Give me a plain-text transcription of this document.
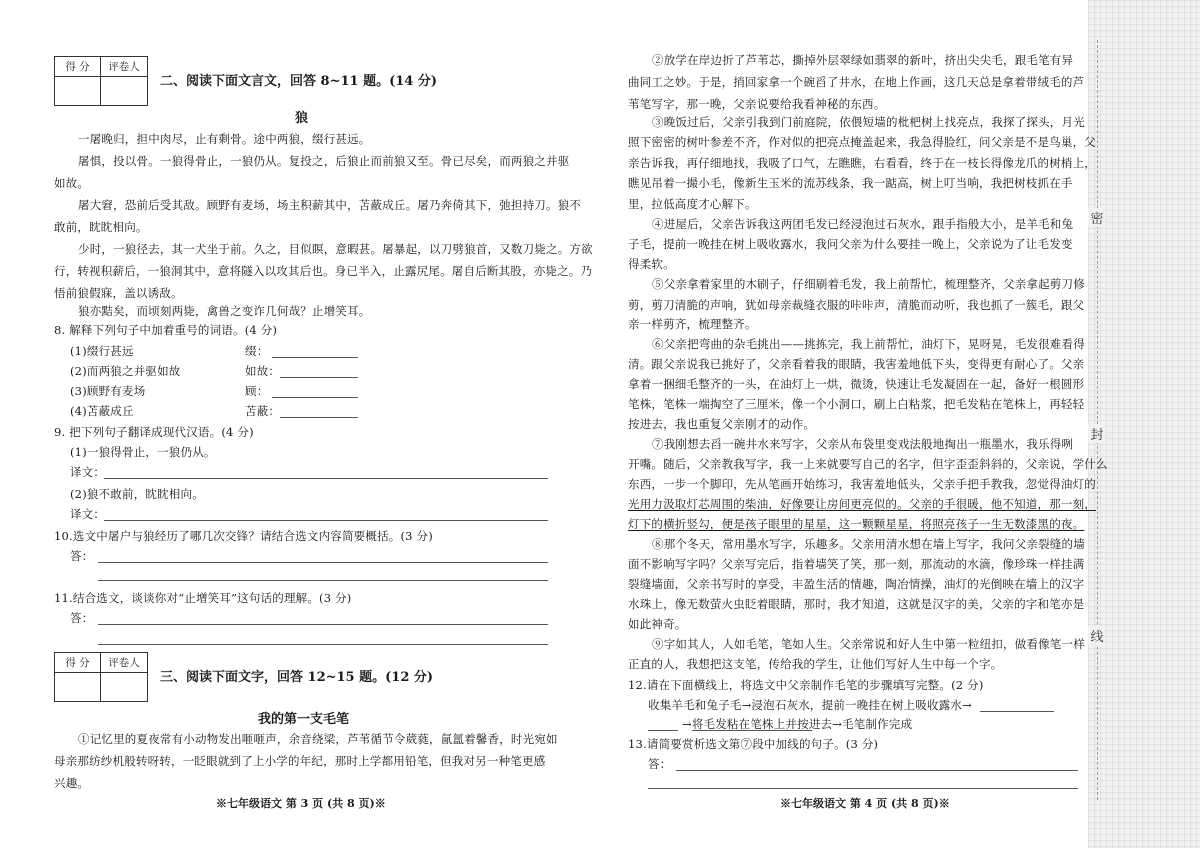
得 分	评卷人
二、阅读下面文言文，回答 8~11 题。(14 分)
狼
一屠晚归，担中肉尽，止有剩骨。途中两狼，缀行甚远。
屠惧，投以骨。一狼得骨止，一狼仍从。复投之，后狼止而前狼又至。骨已尽矣，而两狼之并驱
如故。
屠大窘，恐前后受其敌。顾野有麦场，场主积薪其中，苫蔽成丘。屠乃奔倚其下，弛担持刀。狼不
敢前，眈眈相向。
少时，一狼径去，其一犬坐于前。久之，目似瞑，意暇甚。屠暴起，以刀劈狼首，又数刀毙之。方欲
行，转视积薪后，一狼洞其中，意将隧入以攻其后也。身已半入，止露尻尾。屠自后断其股，亦毙之。乃
悟前狼假寐，盖以诱敌。
狼亦黠矣，而顷刻两毙，禽兽之变诈几何哉？止增笑耳。
8. 解释下列句子中加着重号的词语。(4 分)
(1)缀行甚远	缀：
(2)而两狼之并驱如故	如故：
(3)顾野有麦场	顾：
(4)苫蔽成丘	苫蔽：
9. 把下列句子翻译成现代汉语。(4 分)
(1)一狼得骨止，一狼仍从。
译文：
(2)狼不敢前，眈眈相向。
译文：
10.选文中屠户与狼经历了哪几次交锋？请结合选文内容简要概括。(3 分)
答：
11.结合选文，谈谈你对“止增笑耳”这句话的理解。(3 分)
答：
得 分	评卷人
三、阅读下面文字，回答 12~15 题。(12 分)
我的第一支毛笔
①记忆里的夏夜常有小动物发出咂咂声，余音绕梁，芦苇循节令葳蕤，氤氲着馨香，时光宛如
母亲那纺纱机般转呀转，一眨眼就到了上小学的年纪，那时上学都用铅笔，但我对另一种笔更感
兴趣。
※七年级语文 第 3 页 (共 8 页)※
密
封
线
②放学在岸边折了芦苇芯，撕掉外层翠绿如翡翠的新叶，挤出尖尖毛，跟毛笔有异
曲同工之妙。于是，捎回家拿一个碗舀了井水，在地上作画，这几天总是拿着带绒毛的芦
苇笔写字，那一晚，父亲说要给我看神秘的东西。
③晚饭过后，父亲引我到门前庭院，依偎短墙的枇杷树上找亮点，我探了探头，月光
照下密密的树叶参差不齐，作对似的把亮点掩盖起来，我急得脸红，问父亲是不是鸟巢，父
亲告诉我，再仔细地找，我吸了口气，左瞧瞧，右看看，终于在一枝长得像龙爪的树梢上，
瞧见吊着一撮小毛，像新生玉米的流苏线条，我一踮高，树上叮当响，我把树枝抓在手
里，拉低高度才心解下。
④进屋后，父亲告诉我这两团毛发已经浸泡过石灰水，跟手指般大小，是羊毛和兔
子毛，提前一晚挂在树上吸收露水，我问父亲为什么要挂一晚上，父亲说为了让毛发变
得柔软。
⑤父亲拿着家里的木刷子，仔细刷着毛发，我上前帮忙，梳理整齐，父亲拿起剪刀修
剪，剪刀清脆的声响，犹如母亲裁缝衣服的咔咔声，清脆而动听，我也抓了一簇毛，跟父
亲一样剪齐，梳理整齐。
⑥父亲把弯曲的杂毛挑出——挑拣完，我上前帮忙，油灯下，晃呀晃，毛发很难看得
清。跟父亲说我已挑好了，父亲看着我的眼睛，我害羞地低下头，变得更有耐心了。父亲
拿着一捆细毛整齐的一头，在油灯上一烘，微烫，快速让毛发凝固在一起，备好一根圆形
笔株，笔株一端掏空了三厘米，像一个小洞口，刷上白粘浆，把毛发粘在笔株上，再轻轻
按进去，我也重复父亲刚才的动作。
⑦我刚想去舀一碗井水来写字，父亲从布袋里变戏法般地掏出一瓶墨水，我乐得咧
开嘴。随后，父亲教我写字，我一上来就要写自己的名字，但字歪歪斜斜的，父亲说，学什么
东西，一步一个脚印，先从笔画开始练习，我害羞地低头，父亲手把手教我，忽觉得油灯的
光用力汲取灯芯周围的柴油，好像要让房间更亮似的。父亲的手很暖，他不知道，那一刻，
灯下的横折竖勾，便是孩子眼里的星星，这一颗颗星星，将照亮孩子一生无数漆黑的夜。
⑧那个冬天，常用墨水写字，乐趣多。父亲用清水想在墙上写字，我问父亲裂缝的墙
面不影响写字吗？父亲写完后，指着墙笑了笑，那一刻，那流动的水滴，像珍珠一样挂满
裂缝墙面，父亲书写时的享受，丰盈生活的情趣，陶冶情操，油灯的光倒映在墙上的汉字
水珠上，像无数萤火虫眨着眼睛，那时，我才知道，这就是汉字的美，父亲的字和笔亦是
如此神奇。
⑨字如其人，人如毛笔，笔如人生。父亲常说和好人生中第一粒纽扣，做看像笔一样
正直的人，我想把这支笔，传给我的学生，让他们写好人生中每一个字。
12.请在下面横线上，将选文中父亲制作毛笔的步骤填写完整。(2 分)
收集羊毛和兔子毛→浸泡石灰水，提前一晚挂在树上吸收露水→
→将毛发粘在笔株上并按进去→毛笔制作完成
13.请简要赏析选文第⑦段中加线的句子。(3 分)
答：
※七年级语文 第 4 页 (共 8 页)※
